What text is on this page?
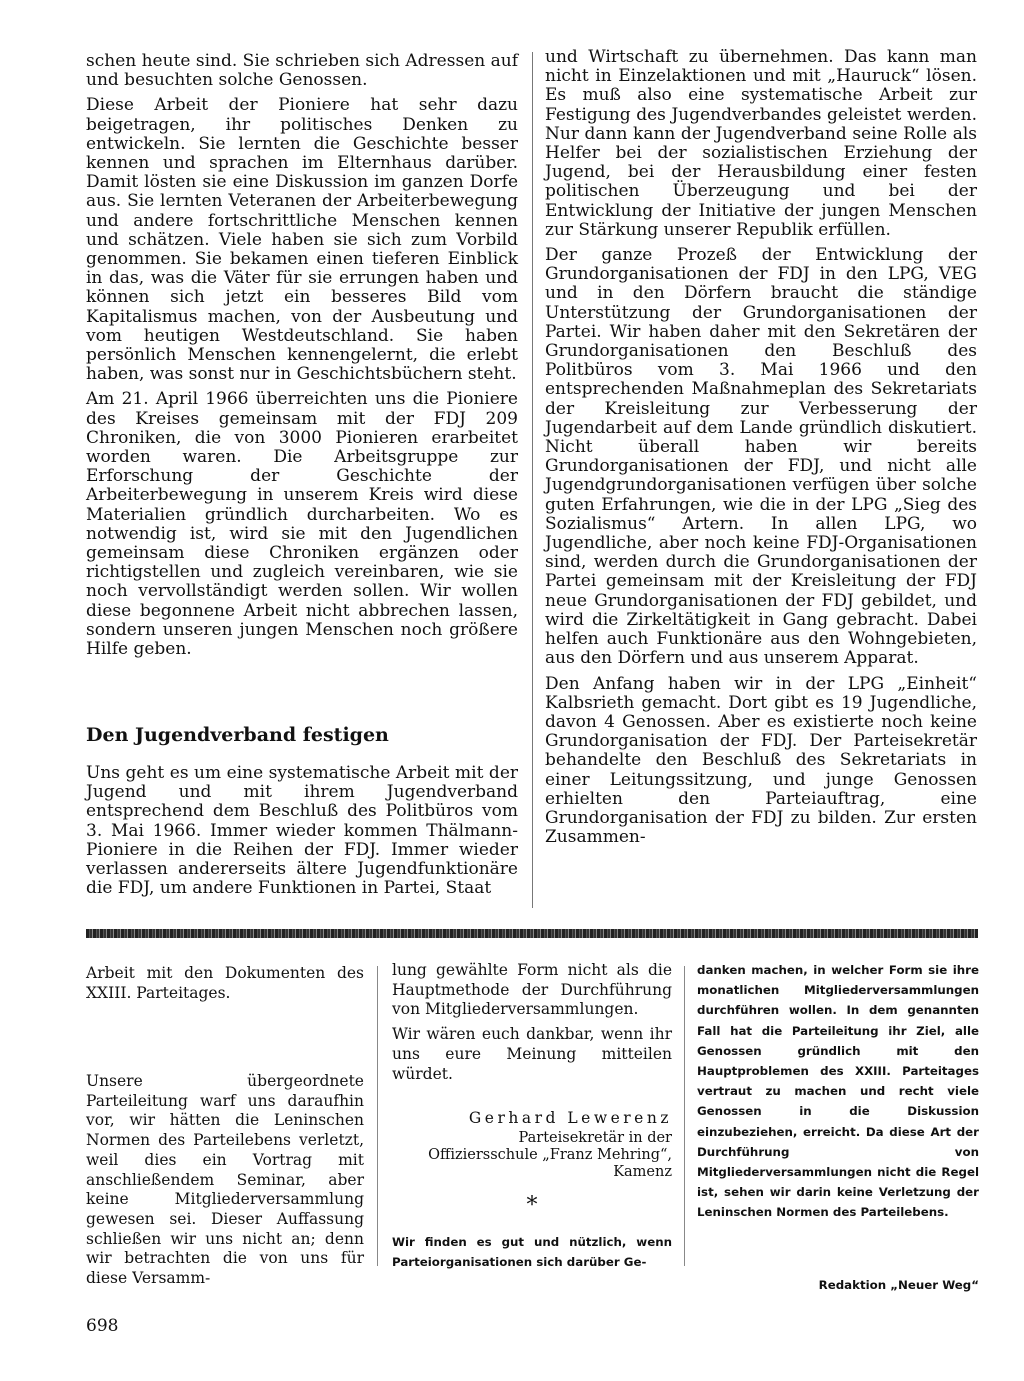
schen heute sind. Sie schrieben sich Adressen auf und besuchten solche Genossen.

Diese Arbeit der Pioniere hat sehr dazu beigetragen, ihr politisches Denken zu entwickeln. Sie lernten die Geschichte besser kennen und sprachen im Elternhaus darüber. Damit lösten sie eine Diskussion im ganzen Dorfe aus. Sie lernten Veteranen der Arbeiterbewegung und andere fortschrittliche Menschen kennen und schätzen. Viele haben sie sich zum Vorbild genommen. Sie bekamen einen tieferen Einblick in das, was die Väter für sie errungen haben und können sich jetzt ein besseres Bild vom Kapitalismus machen, von der Ausbeutung und vom heutigen Westdeutschland. Sie haben persönlich Menschen kennengelernt, die erlebt haben, was sonst nur in Geschichtsbüchern steht.

Am 21. April 1966 überreichten uns die Pioniere des Kreises gemeinsam mit der FDJ 209 Chroniken, die von 3000 Pionieren erarbeitet worden waren. Die Arbeitsgruppe zur Erforschung der Geschichte der Arbeiterbewegung in unserem Kreis wird diese Materialien gründlich durcharbeiten. Wo es notwendig ist, wird sie mit den Jugendlichen gemeinsam diese Chroniken ergänzen oder richtigstellen und zugleich vereinbaren, wie sie noch vervollständigt werden sollen. Wir wollen diese begonnene Arbeit nicht abbrechen lassen, sondern unseren jungen Menschen noch größere Hilfe geben.

Den Jugendverband festigen

Uns geht es um eine systematische Arbeit mit der Jugend und mit ihrem Jugendverband entsprechend dem Beschluß des Politbüros vom 3. Mai 1966. Immer wieder kommen Thälmann-Pioniere in die Reihen der FDJ. Immer wieder verlassen andererseits ältere Jugendfunktionäre die FDJ, um andere Funktionen in Partei, Staat

und Wirtschaft zu übernehmen. Das kann man nicht in Einzelaktionen und mit „Hauruck“ lösen. Es muß also eine systematische Arbeit zur Festigung des Jugendverbandes geleistet werden. Nur dann kann der Jugendverband seine Rolle als Helfer bei der sozialistischen Erziehung der Jugend, bei der Herausbildung einer festen politischen Überzeugung und bei der Entwicklung der Initiative der jungen Menschen zur Stärkung unserer Republik erfüllen.

Der ganze Prozeß der Entwicklung der Grundorganisationen der FDJ in den LPG, VEG und in den Dörfern braucht die ständige Unterstützung der Grundorganisationen der Partei. Wir haben daher mit den Sekretären der Grundorganisationen den Beschluß des Politbüros vom 3. Mai 1966 und den entsprechenden Maßnahmeplan des Sekretariats der Kreisleitung zur Verbesserung der Jugendarbeit auf dem Lande gründlich diskutiert. Nicht überall haben wir bereits Grundorganisationen der FDJ, und nicht alle Jugendgrundorganisationen verfügen über solche guten Erfahrungen, wie die in der LPG „Sieg des Sozialismus“ Artern. In allen LPG, wo Jugendliche, aber noch keine FDJ-Organisationen sind, werden durch die Grundorganisationen der Partei gemeinsam mit der Kreisleitung der FDJ neue Grundorganisationen der FDJ gebildet, und wird die Zirkeltätigkeit in Gang gebracht. Dabei helfen auch Funktionäre aus den Wohngebieten, aus den Dörfern und aus unserem Apparat.

Den Anfang haben wir in der LPG „Einheit“ Kalbsrieth gemacht. Dort gibt es 19 Jugendliche, davon 4 Genossen. Aber es existierte noch keine Grundorganisation der FDJ. Der Parteisekretär behandelte den Beschluß des Sekretariats in einer Leitungssitzung, und junge Genossen erhielten den Parteiauftrag, eine Grundorganisation der FDJ zu bilden. Zur ersten Zusammen-

Arbeit mit den Dokumenten des XXIII. Parteitages.

Unsere übergeordnete Parteileitung warf uns daraufhin vor, wir hätten die Leninschen Normen des Parteilebens verletzt, weil dies ein Vortrag mit anschließendem Seminar, aber keine Mitgliederversammlung gewesen sei. Dieser Auffassung schließen wir uns nicht an; denn wir betrachten die von uns für diese Versamm-

lung gewählte Form nicht als die Hauptmethode der Durchführung von Mitgliederversammlungen.

Wir wären euch dankbar, wenn ihr uns eure Meinung mitteilen würdet.

Gerhard Lewerenz

Parteisekretär in der

Offiziersschule „Franz Mehring“,

Kamenz

*
Wir finden es gut und nützlich, wenn Parteiorganisationen sich darüber Ge-
danken machen, in welcher Form sie ihre monatlichen Mitgliederversammlungen durchführen wollen. In dem genannten Fall hat die Parteileitung ihr Ziel, alle Genossen gründlich mit den Hauptproblemen des XXIII. Parteitages vertraut zu machen und recht viele Genossen in die Diskussion einzubeziehen, erreicht. Da diese Art der Durchführung von Mitgliederversammlungen nicht die Regel ist, sehen wir darin keine Verletzung der Leninschen Normen des Parteilebens.
Redaktion „Neuer Weg“

698
